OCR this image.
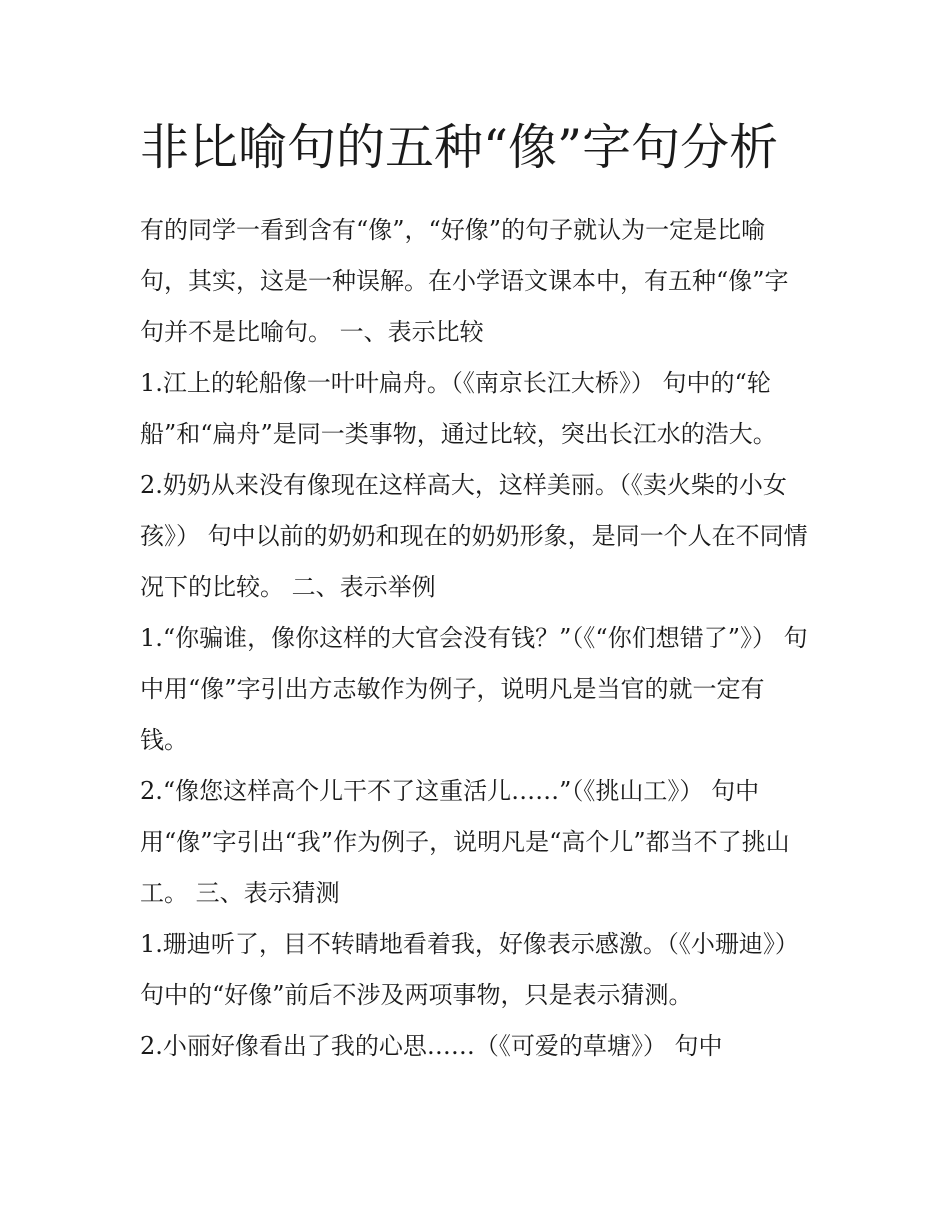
非比喻句的五种“像”字句分析

有的同学一看到含有“像”，“好像”的句子就认为一定是比喻句，其实，这是一种误解。在小学语文课本中，有五种“像”字句并不是比喻句。 一、表示比较

1.江上的轮船像一叶叶扁舟。（《南京长江大桥》） 句中的“轮船”和“扁舟”是同一类事物，通过比较，突出长江水的浩大。

2.奶奶从来没有像现在这样高大，这样美丽。（《卖火柴的小女孩》） 句中以前的奶奶和现在的奶奶形象，是同一个人在不同情况下的比较。 二、表示举例

1.“你骗谁，像你这样的大官会没有钱？”（《“你们想错了”》） 句中用“像”字引出方志敏作为例子，说明凡是当官的就一定有钱。

2.“像您这样高个儿干不了这重活儿……”（《挑山工》） 句中用“像”字引出“我”作为例子，说明凡是“高个儿”都当不了挑山工。 三、表示猜测

1.珊迪听了，目不转睛地看着我，好像表示感激。（《小珊迪》） 句中的“好像”前后不涉及两项事物，只是表示猜测。

2.小丽好像看出了我的心思……（《可爱的草塘》） 句中
